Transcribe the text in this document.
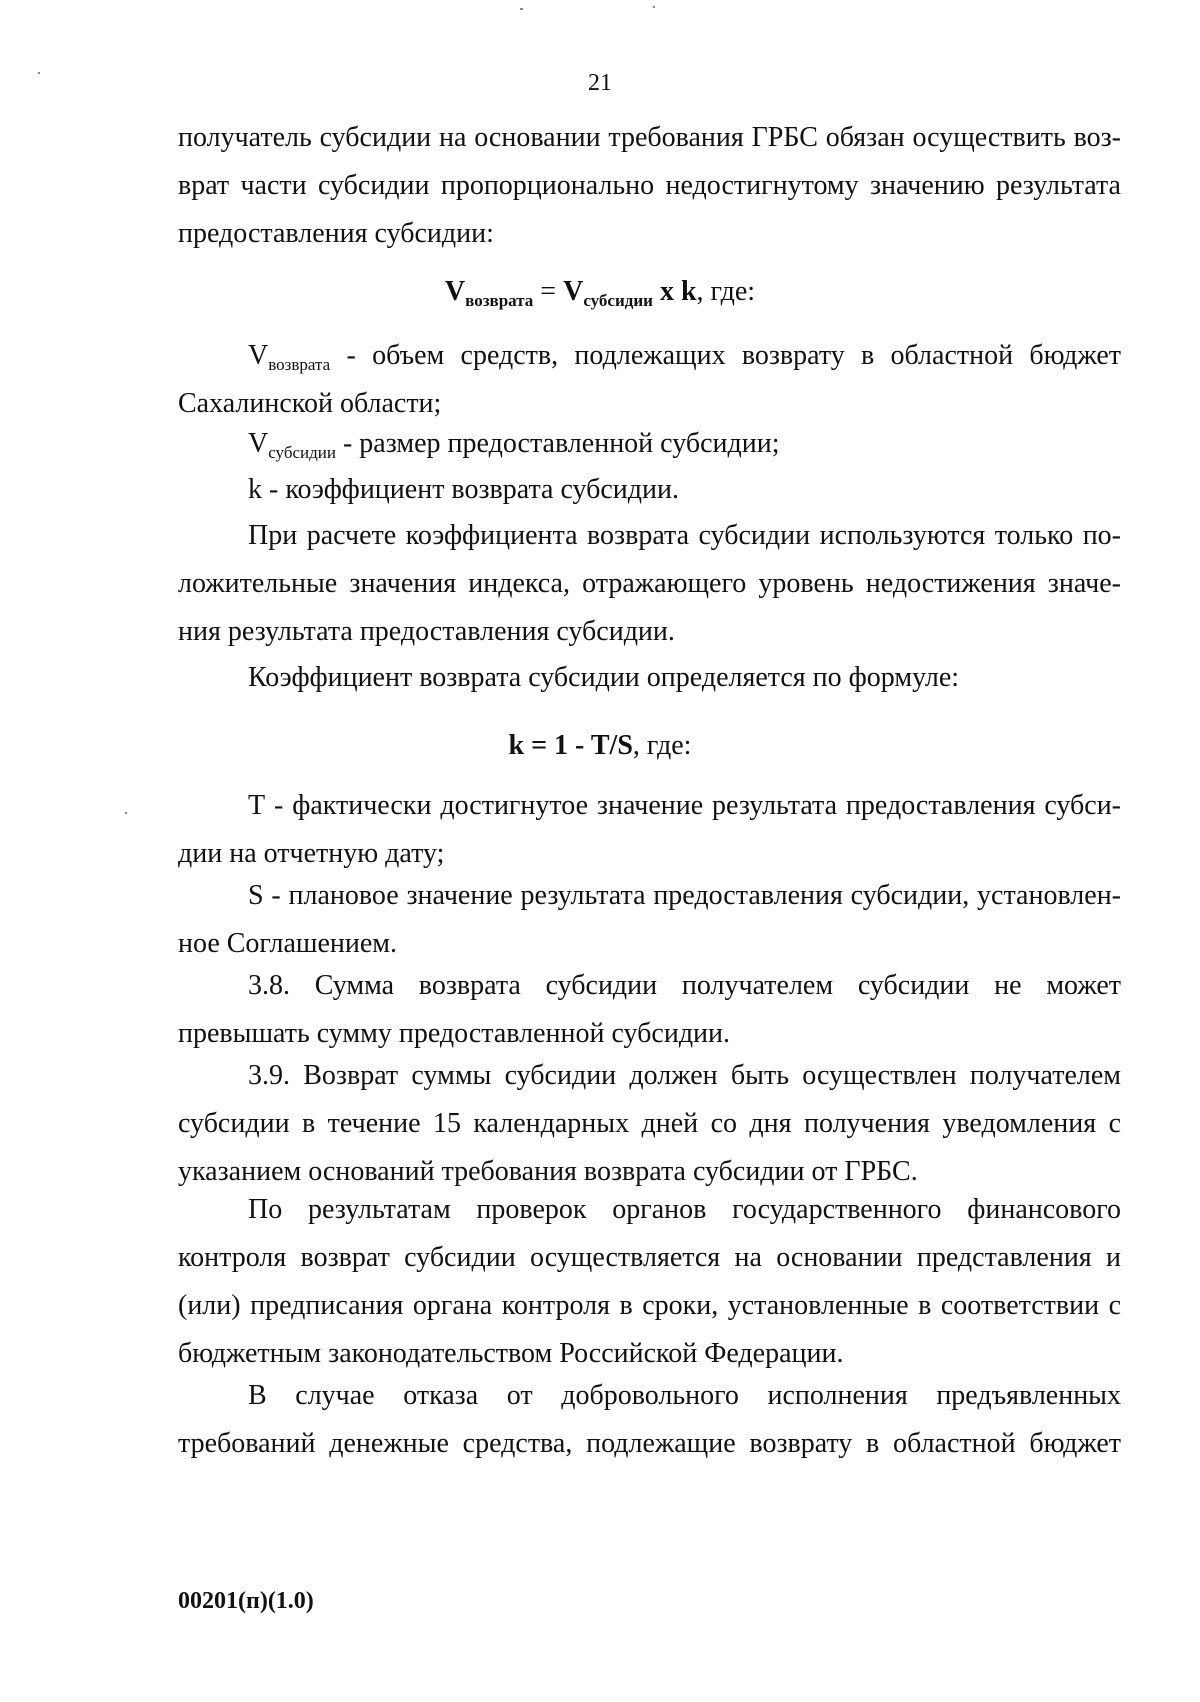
21
получатель субсидии на основании требования ГРБС обязан осуществить воз-
врат части субсидии пропорционально недостигнутому значению результата
предоставления субсидии:
$V_{возврата} = V_{субсидии}$ x k, где:
$V_{возврата}$ - объем средств, подлежащих возврату в областной бюджет
Сахалинской области;
$V_{субсидии}$ - размер предоставленной субсидии;
k - коэффициент возврата субсидии.
При расчете коэффициента возврата субсидии используются только по-
ложительные значения индекса, отражающего уровень недостижения значе-
ния результата предоставления субсидии.
Коэффициент возврата субсидии определяется по формуле:
k = 1 - T/S, где:
Т - фактически достигнутое значение результата предоставления субси-
дии на отчетную дату;
S - плановое значение результата предоставления субсидии, установлен-
ное Соглашением.
3.8. Сумма возврата субсидии получателем субсидии не может
превышать сумму предоставленной субсидии.
3.9. Возврат суммы субсидии должен быть осуществлен получателем
субсидии в течение 15 календарных дней со дня получения уведомления с
указанием оснований требования возврата субсидии от ГРБС.
По результатам проверок органов государственного финансового
контроля возврат субсидии осуществляется на основании представления и
(или) предписания органа контроля в сроки, установленные в соответствии с
бюджетным законодательством Российской Федерации.
В случае отказа от добровольного исполнения предъявленных
требований денежные средства, подлежащие возврату в областной бюджет
00201(п)(1.0)
